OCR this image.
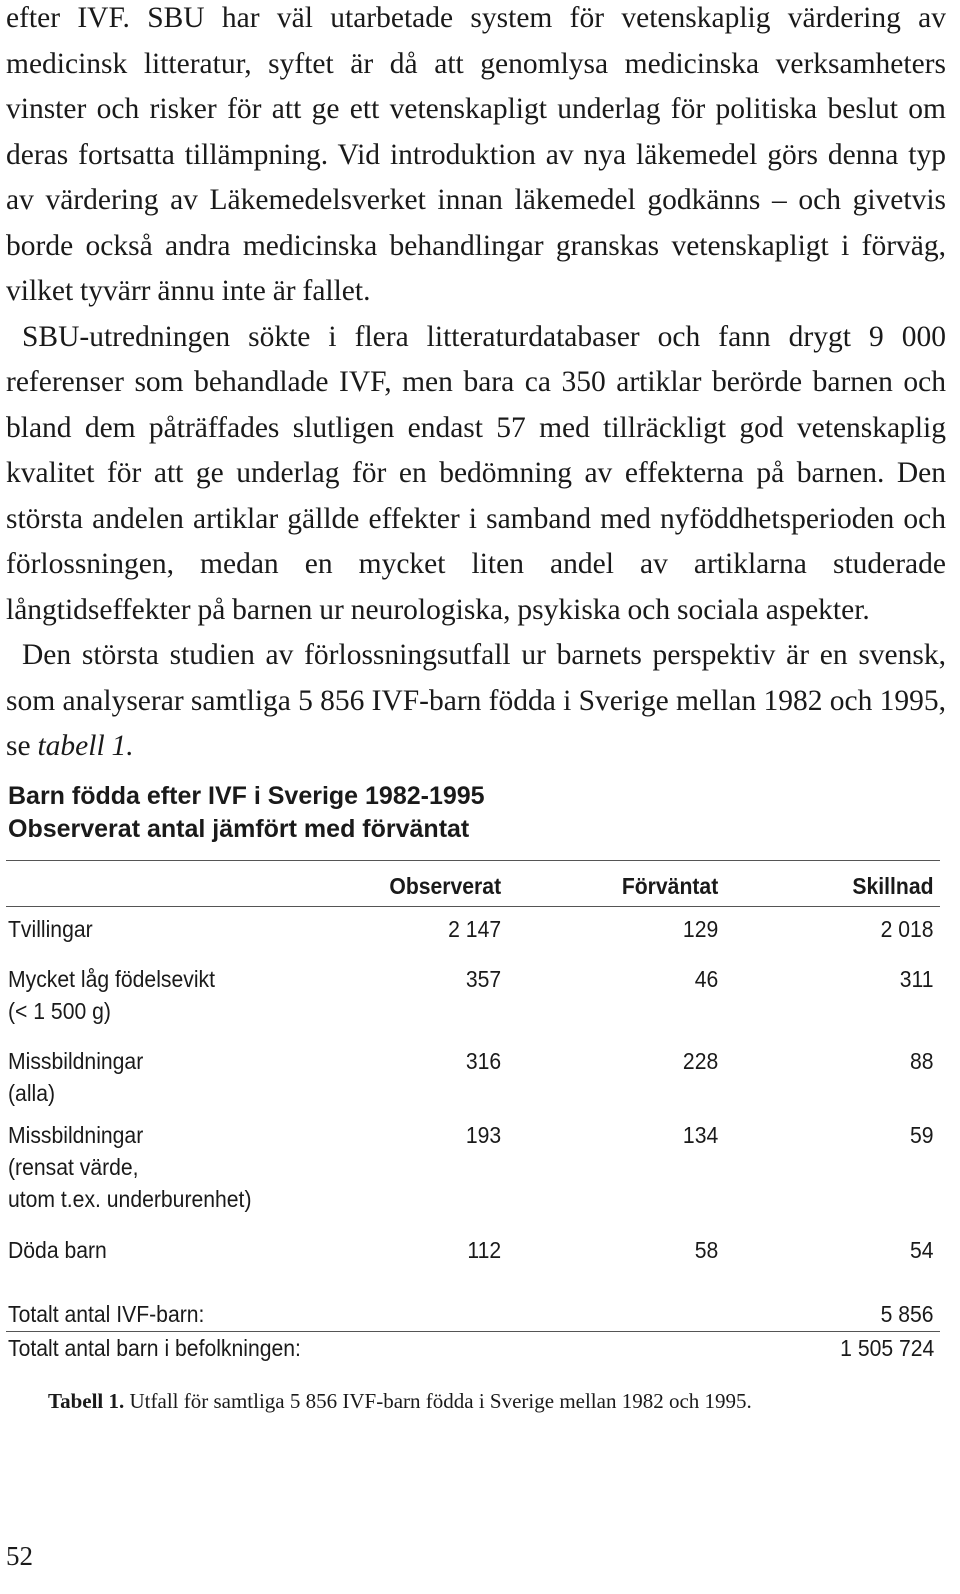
efter IVF. SBU har väl utarbetade system för vetenskaplig värdering av medicinsk litteratur, syftet är då att genomlysa medicinska verksamheters vinster och risker för att ge ett vetenskapligt underlag för politiska beslut om deras fortsatta tillämpning. Vid introduktion av nya läkemedel görs denna typ av värdering av Läkemedelsverket innan läkemedel godkänns – och givetvis borde också andra medicinska behandlingar granskas vetenskapligt i förväg, vilket tyvärr ännu inte är fallet.

SBU-utredningen sökte i flera litteraturdatabaser och fann drygt 9 000 referenser som behandlade IVF, men bara ca 350 artiklar berörde barnen och bland dem påträffades slutligen endast 57 med tillräckligt god vetenskaplig kvalitet för att ge underlag för en bedömning av effekterna på barnen. Den största andelen artiklar gällde effekter i samband med nyföddhetsperioden och förlossningen, medan en mycket liten andel av artiklarna studerade långtidseffekter på barnen ur neurologiska, psykiska och sociala aspekter.

Den största studien av förlossningsutfall ur barnets perspektiv är en svensk, som analyserar samtliga 5 856 IVF-barn födda i Sverige mellan 1982 och 1995, se tabell 1.

Barn födda efter IVF i Sverige 1982-1995
Observerat antal jämfört med förväntat
Observerat	Förväntat	Skillnad
Tvillingar	2 147	129	2 018
Mycket låg födelsevikt
(< 1 500 g)
357	46	311
Missbildningar
(alla)
316	228	88
Missbildningar
(rensat värde,
utom t.ex. underburenhet)
193	134	59
Döda barn	112	58	54
Totalt antal IVF-barn:	5 856
Totalt antal barn i befolkningen:	1 505 724
Tabell 1. Utfall för samtliga 5 856 IVF-barn födda i Sverige mellan 1982 och 1995.
52
